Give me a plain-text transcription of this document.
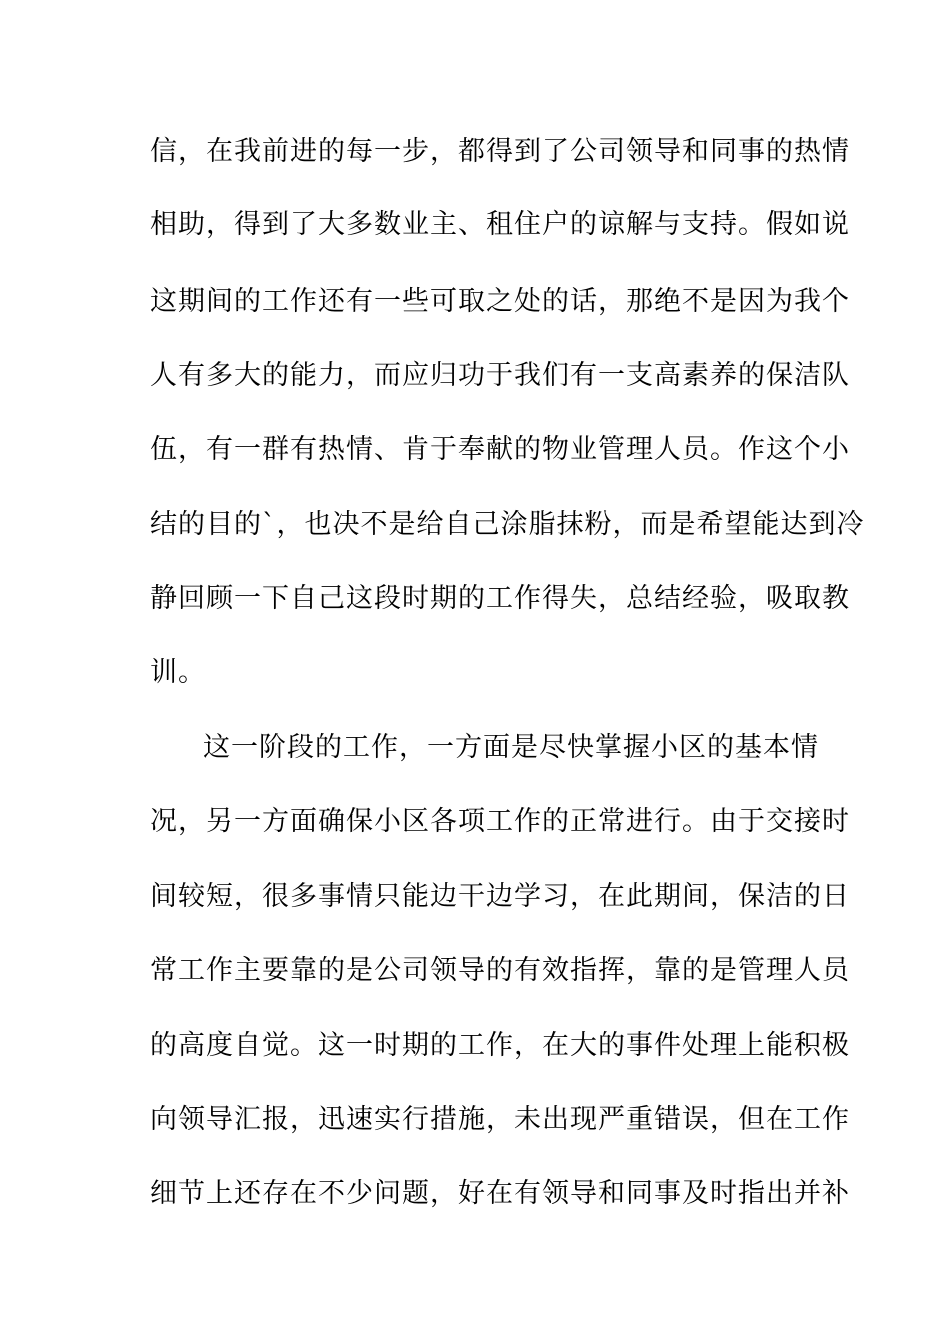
信，在我前进的每一步，都得到了公司领导和同事的热情
相助，得到了大多数业主、租住户的谅解与支持。假如说
这期间的工作还有一些可取之处的话，那绝不是因为我个
人有多大的能力，而应归功于我们有一支高素养的保洁队
伍，有一群有热情、肯于奉献的物业管理人员。作这个小
结的目的`，也决不是给自己涂脂抹粉，而是希望能达到冷
静回顾一下自己这段时期的工作得失，总结经验，吸取教
训。
这一阶段的工作，一方面是尽快掌握小区的基本情
况，另一方面确保小区各项工作的正常进行。由于交接时
间较短，很多事情只能边干边学习，在此期间，保洁的日
常工作主要靠的是公司领导的有效指挥，靠的是管理人员
的高度自觉。这一时期的工作，在大的事件处理上能积极
向领导汇报，迅速实行措施，未出现严重错误，但在工作
细节上还存在不少问题，好在有领导和同事及时指出并补
